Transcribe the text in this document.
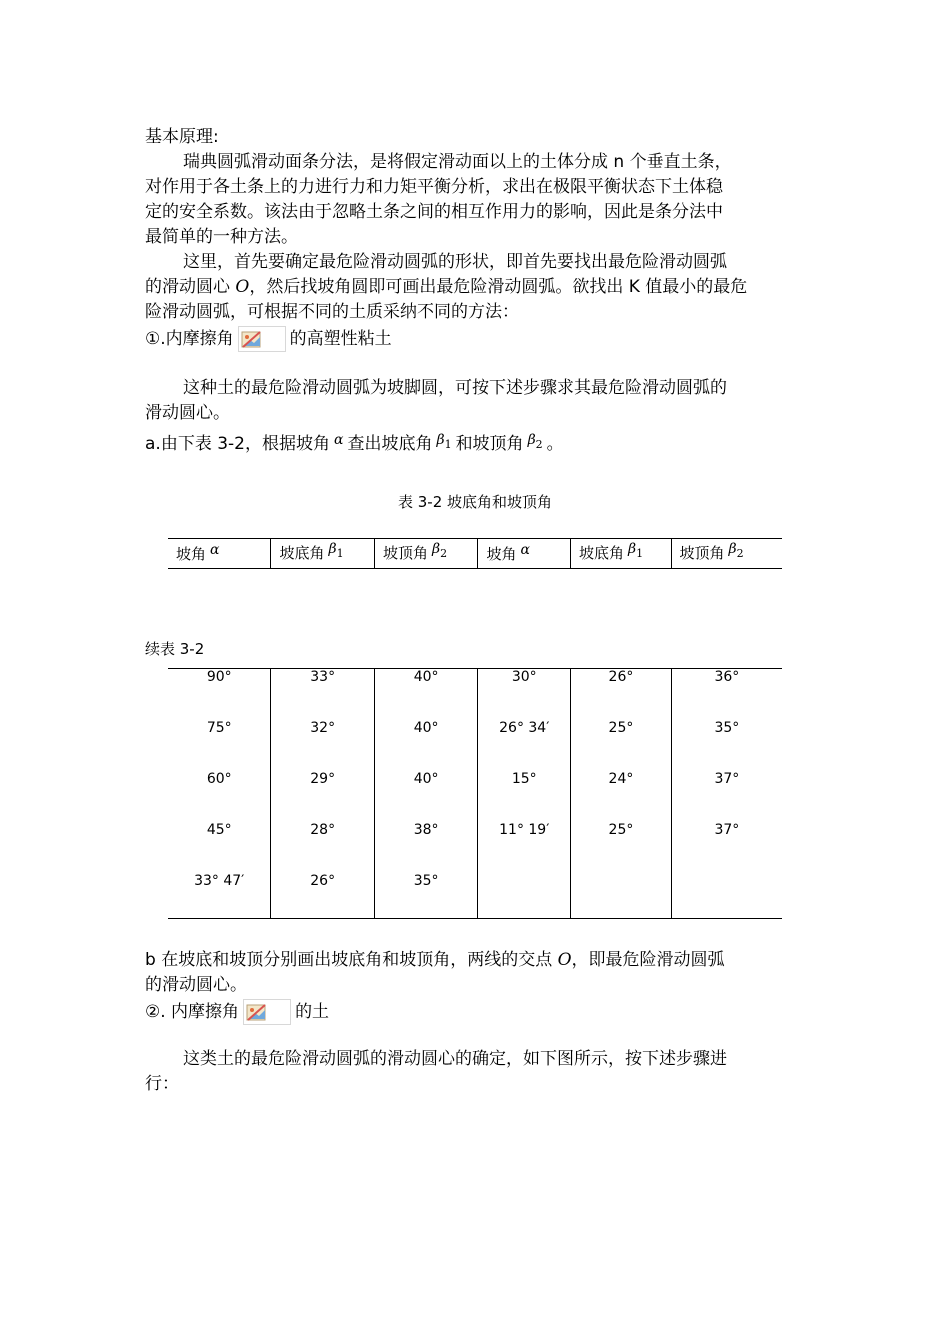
基本原理:
瑞典圆弧滑动面条分法，是将假定滑动面以上的土体分成 n 个垂直土条，
对作用于各土条上的力进行力和力矩平衡分析，求出在极限平衡状态下土体稳
定的安全系数。该法由于忽略土条之间的相互作用力的影响，因此是条分法中
最简单的一种方法。
这里，首先要确定最危险滑动圆弧的形状，即首先要找出最危险滑动圆弧
的滑动圆心 O，然后找坡角圆即可画出最危险滑动圆弧。欲找出 K 值最小的最危
险滑动圆弧，可根据不同的土质采纳不同的方法：
①.内摩擦角	的高塑性粘土
这种土的最危险滑动圆弧为坡脚圆，可按下述步骤求其最危险滑动圆弧的
滑动圆心。
a.由下表 3-2，根据坡角 $^\alpha$ 查出坡底角 $^{\beta_1}$ 和坡顶角 $^{\beta_2}$ 。
表 3-2 坡底角和坡顶角
坡角 α	坡底角 $\beta_1$	坡顶角 $\beta_2$	坡角 α	坡底角 $\beta_1$	坡顶角 $\beta_2$
续表 3-2
90°	33°	40°	30°	26°	36°
75°	32°	40°	26° 34′	25°	35°
60°	29°	40°	15°	24°	37°
45°	28°	38°	11° 19′	25°	37°
33° 47′	26°	35°			
b 在坡底和坡顶分别画出坡底角和坡顶角，两线的交点 O，即最危险滑动圆弧
的滑动圆心。
②. 内摩擦角	的土
这类土的最危险滑动圆弧的滑动圆心的确定，如下图所示，按下述步骤进
行：
